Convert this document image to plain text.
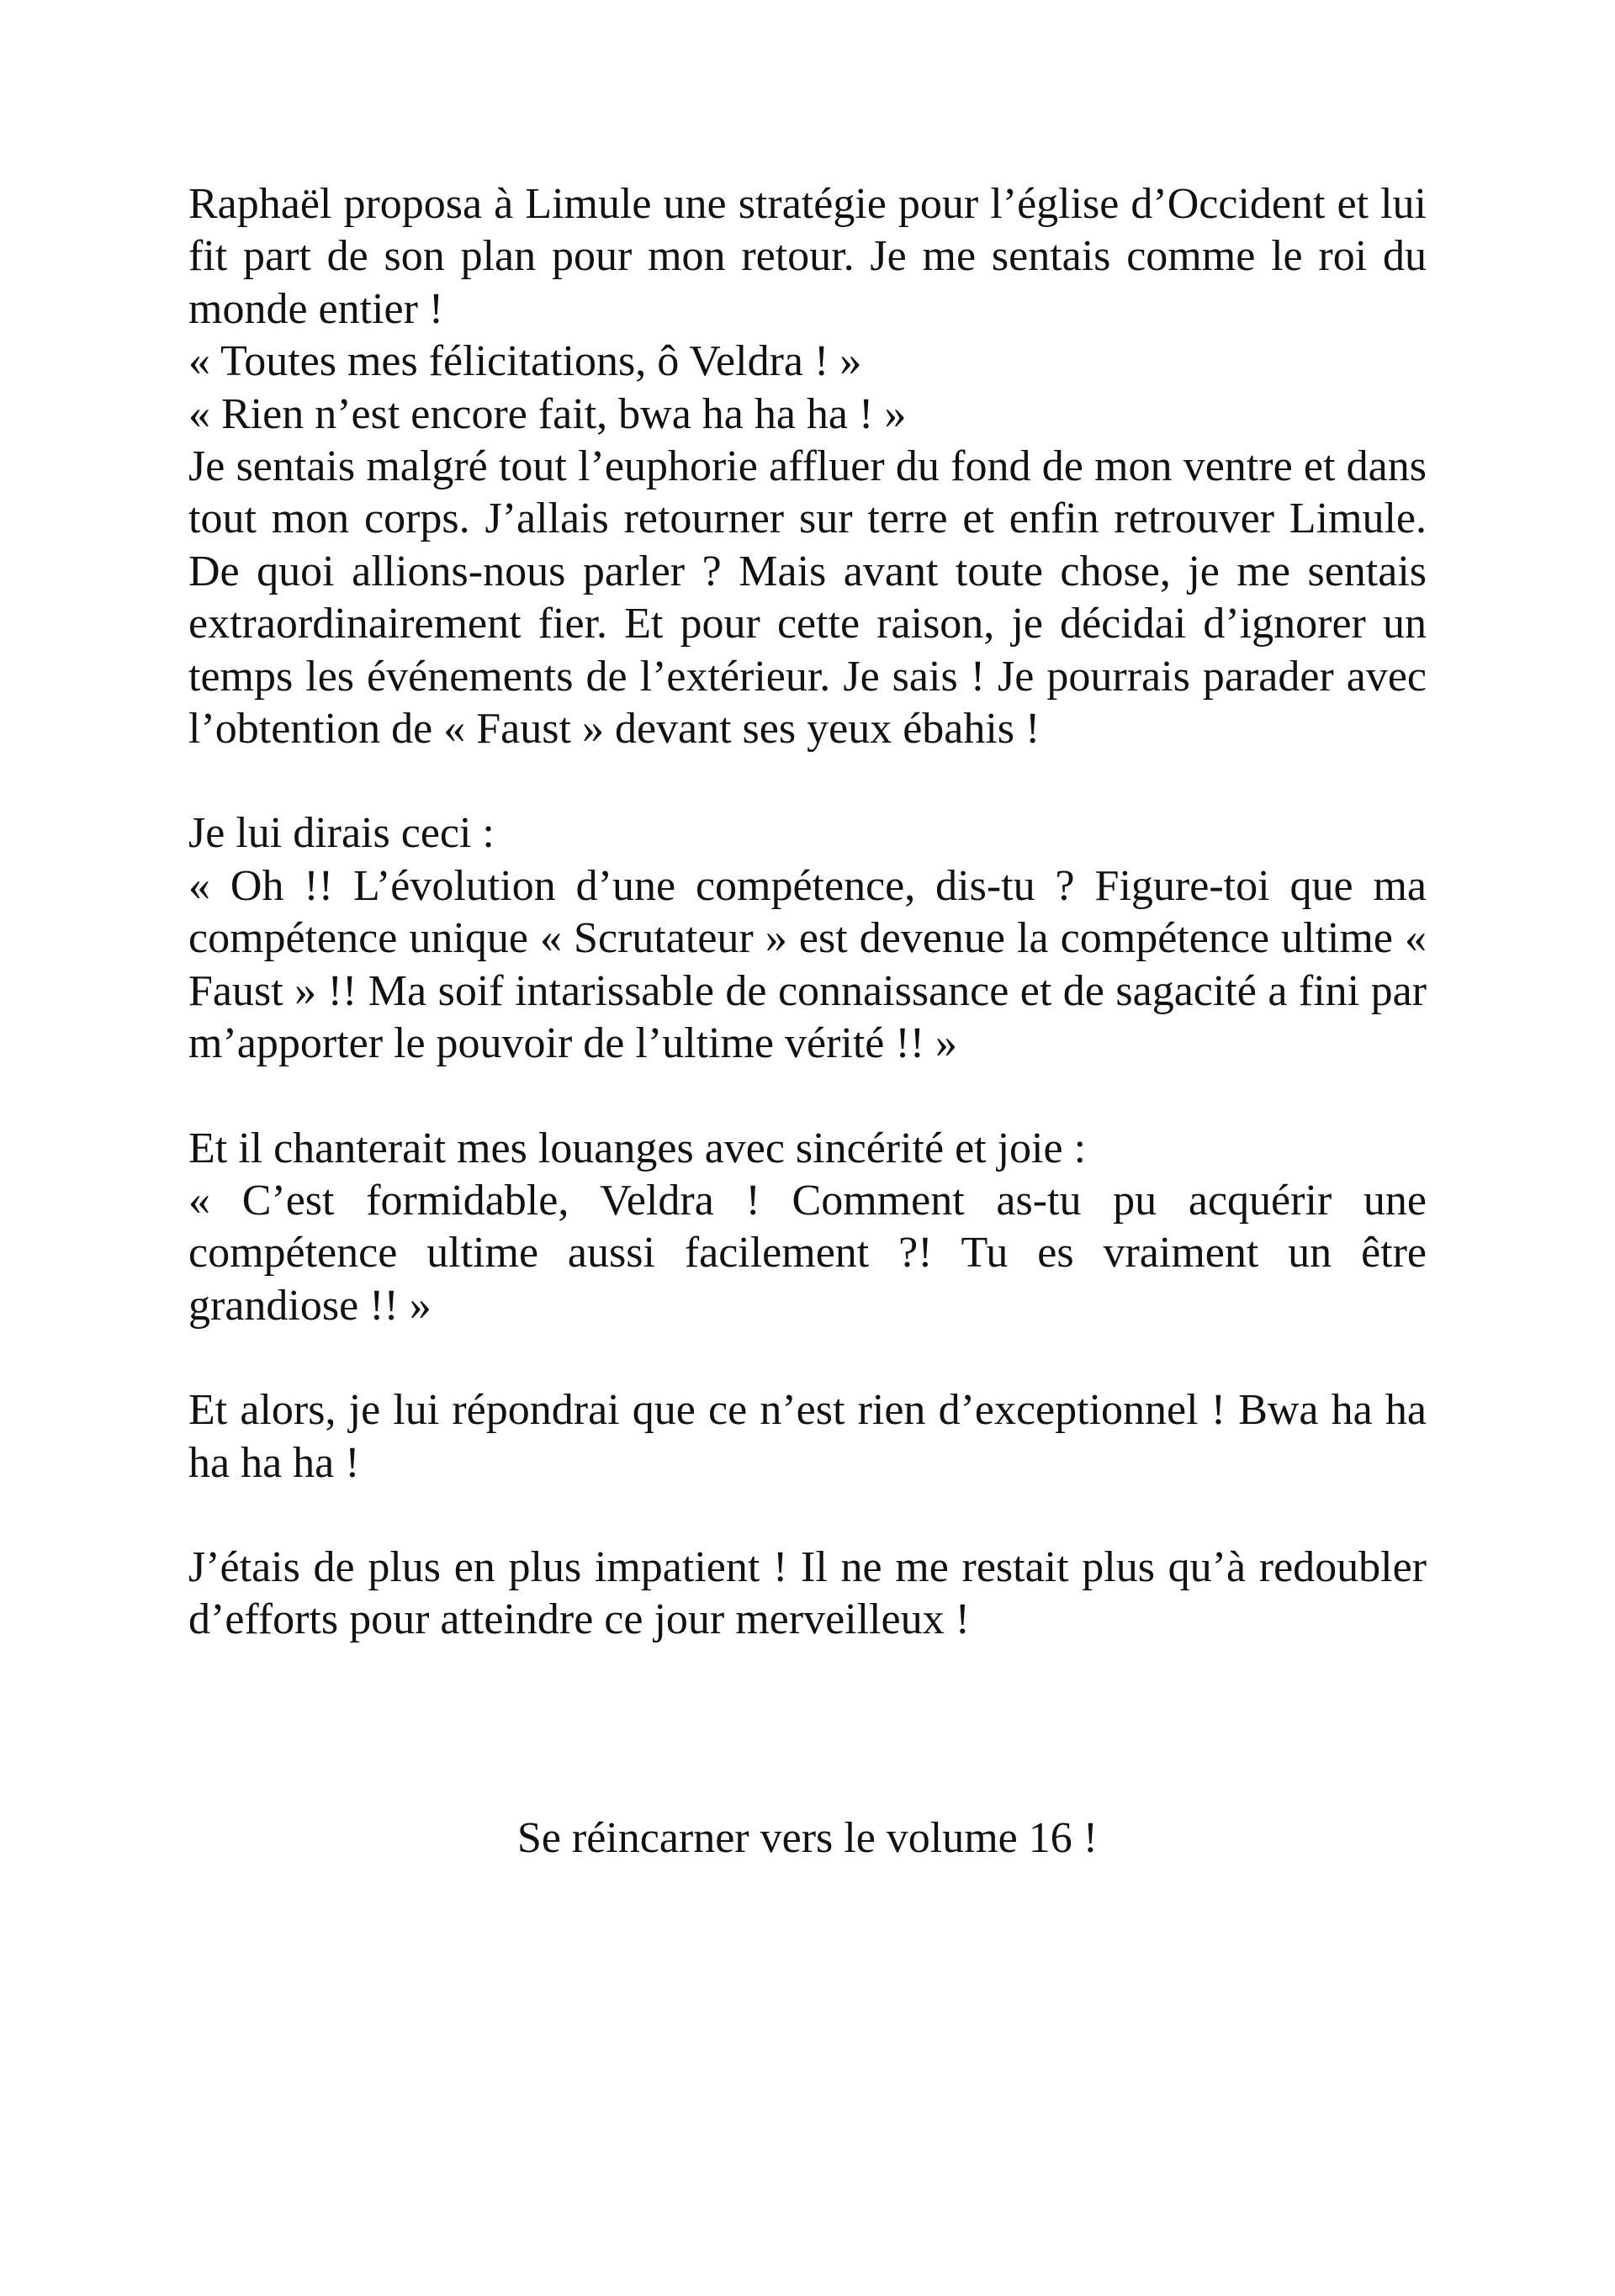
Raphaël proposa à Limule une stratégie pour l’église d’Occident et lui fit part de son plan pour mon retour. Je me sentais comme le roi du monde entier !

« Toutes mes félicitations, ô Veldra ! »

« Rien n’est encore fait, bwa ha ha ha ! »

Je sentais malgré tout l’euphorie affluer du fond de mon ventre et dans tout mon corps. J’allais retourner sur terre et enfin retrouver Limule. De quoi allions-nous parler ? Mais avant toute chose, je me sentais extraordinairement fier. Et pour cette raison, je décidai d’ignorer un temps les événements de l’extérieur. Je sais ! Je pourrais parader avec l’obtention de « Faust » devant ses yeux ébahis !

Je lui dirais ceci :

« Oh !! L’évolution d’une compétence, dis-tu ? Figure-toi que ma compétence unique « Scrutateur » est devenue la compétence ultime « Faust » !! Ma soif intarissable de connaissance et de sagacité a fini par m’apporter le pouvoir de l’ultime vérité !! »

Et il chanterait mes louanges avec sincérité et joie :

« C’est formidable, Veldra ! Comment as-tu pu acquérir une compétence ultime aussi facilement ?! Tu es vraiment un être grandiose !! »

Et alors, je lui répondrai que ce n’est rien d’exceptionnel ! Bwa ha ha ha ha ha !

J’étais de plus en plus impatient ! Il ne me restait plus qu’à redoubler d’efforts pour atteindre ce jour merveilleux !

Se réincarner vers le volume 16 !
